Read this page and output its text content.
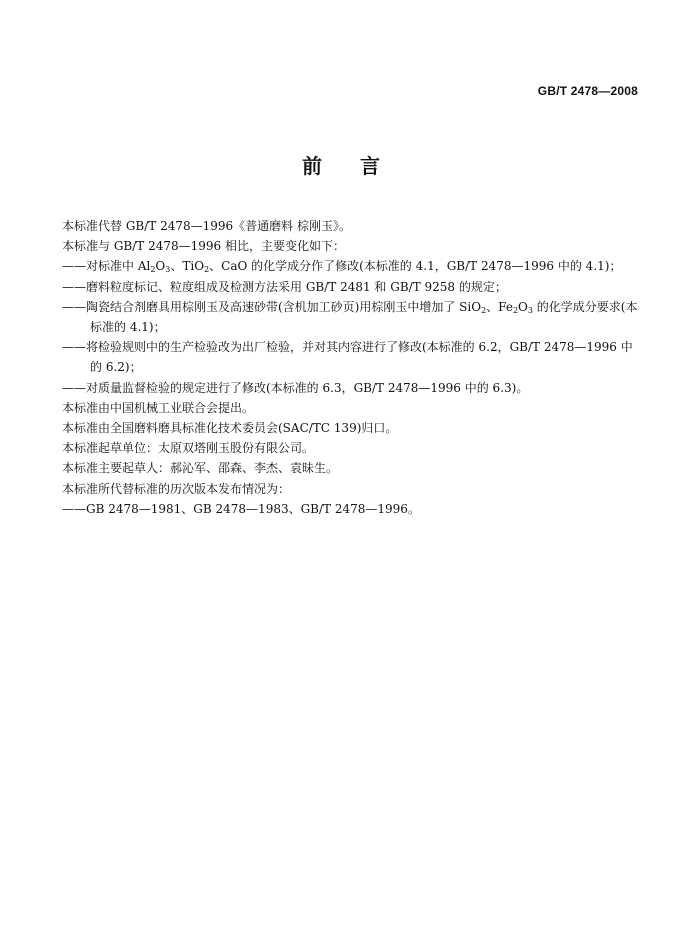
GB/T 2478—2008
前言
本标准代替 GB/T 2478—1996《普通磨料 棕刚玉》。
本标准与 GB/T 2478—1996 相比，主要变化如下：
——对标准中 $Al_2O_3$、TiO$_2$、CaO 的化学成分作了修改(本标准的 4.1，GB/T 2478—1996 中的 4.1)；
——磨料粒度标记、粒度组成及检测方法采用 GB/T 2481 和 GB/T 9258 的规定；
——陶瓷结合剂磨具用棕刚玉及高速砂带(含机加工砂页)用棕刚玉中增加了 SiO$_2$、$Fe_2O_3$ 的化学成分要求(本标准的 4.1)；
——将检验规则中的生产检验改为出厂检验，并对其内容进行了修改(本标准的 6.2，GB/T 2478—1996 中的 6.2)；
——对质量监督检验的规定进行了修改(本标准的 6.3，GB/T 2478—1996 中的 6.3)。
本标准由中国机械工业联合会提出。
本标准由全国磨料磨具标准化技术委员会(SAC/TC 139)归口。
本标准起草单位：太原双塔刚玉股份有限公司。
本标准主要起草人：郝沁军、邵森、李杰、袁昧生。
本标准所代替标准的历次版本发布情况为：
——GB 2478—1981、GB 2478—1983、GB/T 2478—1996。
